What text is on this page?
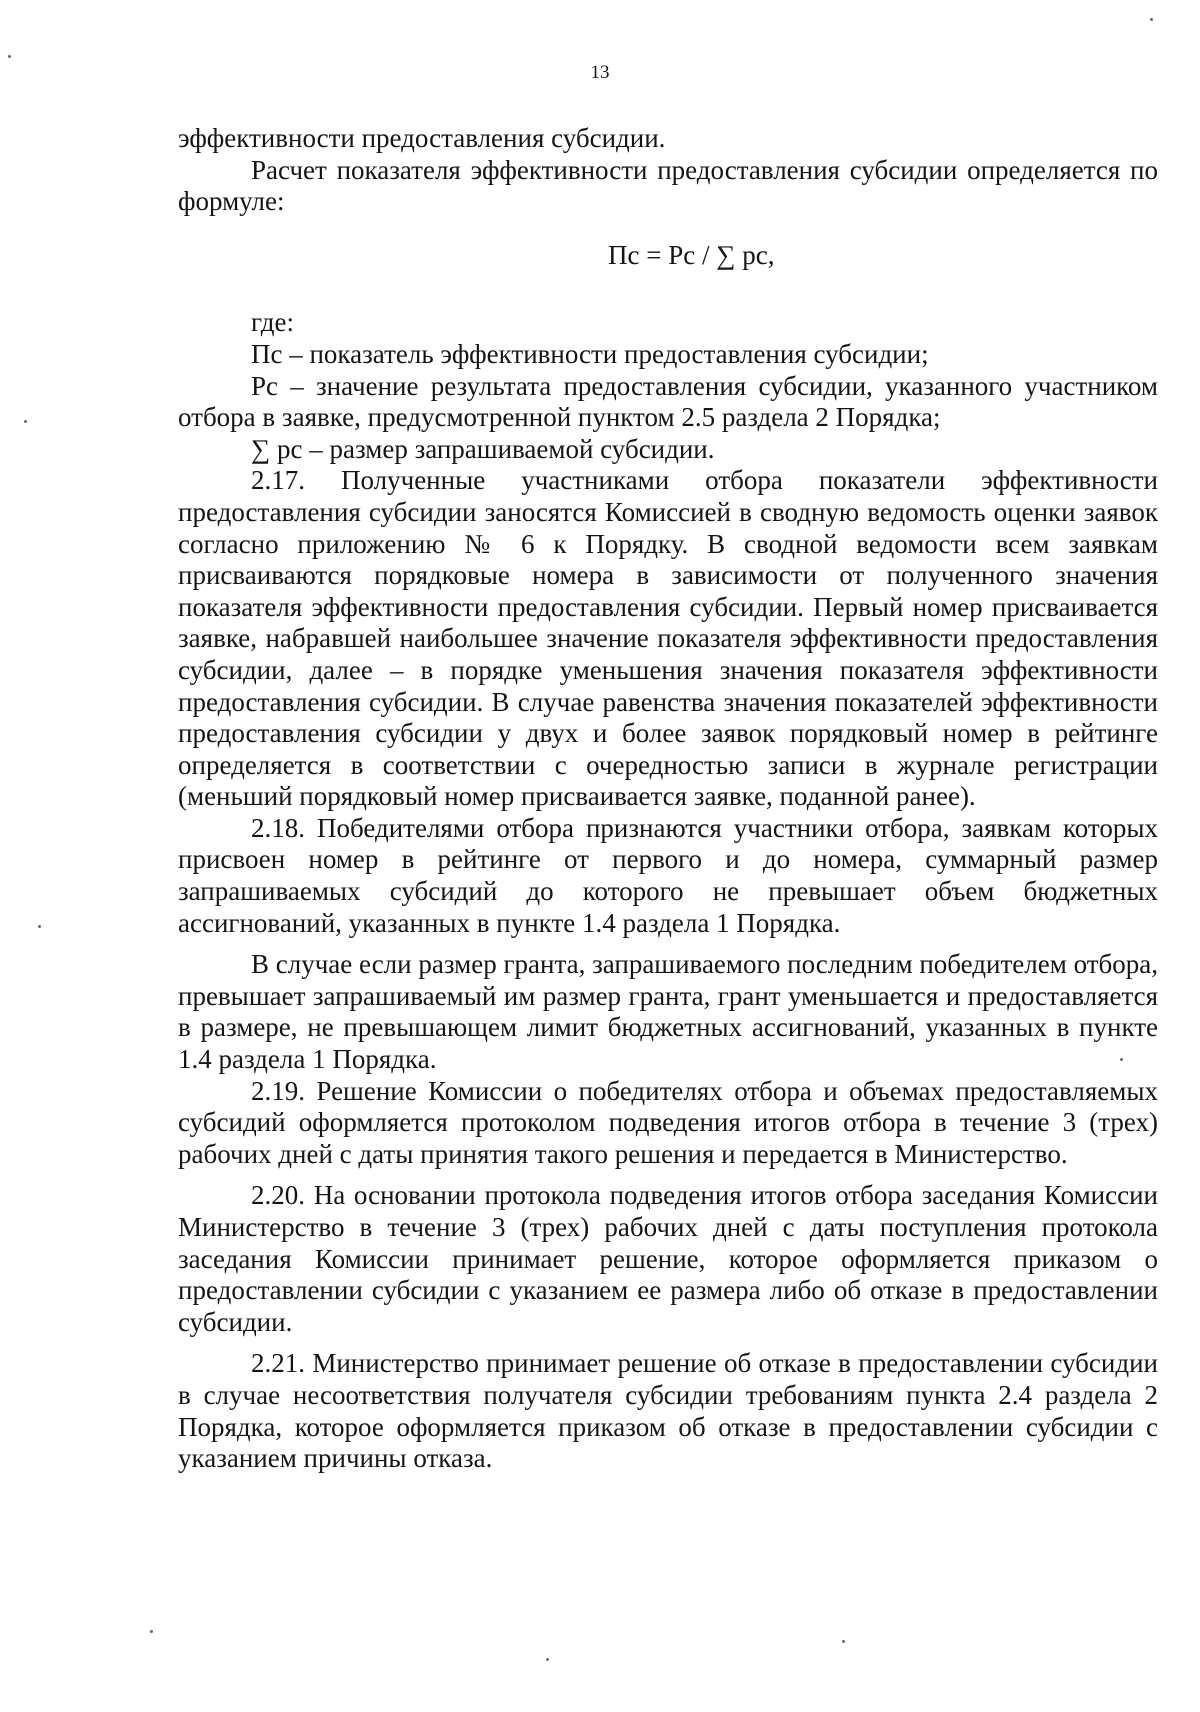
13

эффективности предоставления субсидии.

Расчет показателя эффективности предоставления субсидии определяется по формуле:

Пс = Рс / ∑ рс,

где:

Пс – показатель эффективности предоставления субсидии;

Рс – значение результата предоставления субсидии, указанного участником отбора в заявке, предусмотренной пунктом 2.5 раздела 2 Порядка;

∑ рс – размер запрашиваемой субсидии.

2.17. Полученные участниками отбора показатели эффективности предоставления субсидии заносятся Комиссией в сводную ведомость оценки заявок согласно приложению № 6 к Порядку. В сводной ведомости всем заявкам присваиваются порядковые номера в зависимости от полученного значения показателя эффективности предоставления субсидии. Первый номер присваивается заявке, набравшей наибольшее значение показателя эффективности предоставления субсидии, далее – в порядке уменьшения значения показателя эффективности предоставления субсидии. В случае равенства значения показателей эффективности предоставления субсидии у двух и более заявок порядковый номер в рейтинге определяется в соответствии с очередностью записи в журнале регистрации (меньший порядковый номер присваивается заявке, поданной ранее).

2.18. Победителями отбора признаются участники отбора, заявкам которых присвоен номер в рейтинге от первого и до номера, суммарный размер запрашиваемых субсидий до которого не превышает объем бюджетных ассигнований, указанных в пункте 1.4 раздела 1 Порядка.

В случае если размер гранта, запрашиваемого последним победителем отбора, превышает запрашиваемый им размер гранта, грант уменьшается и предоставляется в размере, не превышающем лимит бюджетных ассигнований, указанных в пункте 1.4 раздела 1 Порядка.

2.19. Решение Комиссии о победителях отбора и объемах предоставляемых субсидий оформляется протоколом подведения итогов отбора в течение 3 (трех) рабочих дней с даты принятия такого решения и передается в Министерство.

2.20. На основании протокола подведения итогов отбора заседания Комиссии Министерство в течение 3 (трех) рабочих дней с даты поступления протокола заседания Комиссии принимает решение, которое оформляется приказом о предоставлении субсидии с указанием ее размера либо об отказе в предоставлении субсидии.

2.21. Министерство принимает решение об отказе в предоставлении субсидии в случае несоответствия получателя субсидии требованиям пункта 2.4 раздела 2 Порядка, которое оформляется приказом об отказе в предоставлении субсидии с указанием причины отказа.
